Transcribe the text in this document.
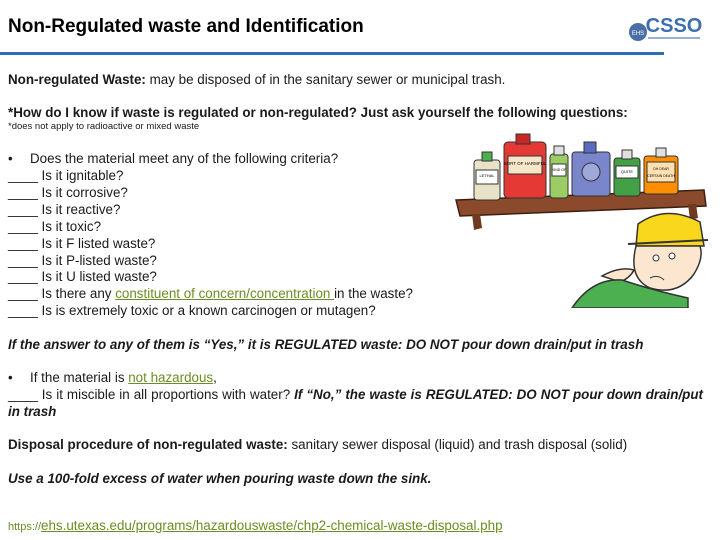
Non-Regulated waste and Identification	EHS CSSO
Non-regulated Waste: may be disposed of in the sanitary sewer or municipal trash.
*How do I know if waste is regulated or non-regulated? Just ask yourself the following questions:
*does not apply to radioactive or mixed waste
• Does the material meet any of the following criteria?
____ Is it ignitable?
____ Is it corrosive?
____ Is it reactive?
____ Is it toxic?
____ Is it F listed waste?
____ Is it P-listed waste?
____ Is it U listed waste?
____ Is there any constituent of concern/concentration in the waste?
____ Is is extremely toxic or a known carcinogen or mutagen?
If the answer to any of them is “Yes,” it is REGULATED waste: DO NOT pour down drain/put in trash
• If the material is not hazardous,
____ Is it miscible in all proportions with water? If “No,” the waste is REGULATED: DO NOT pour down drain/put in trash
Disposal procedure of non-regulated waste: sanitary sewer disposal (liquid) and trash disposal (solid)
Use a 100-fold excess of water when pouring waste down the sink.
https://ehs.utexas.edu/programs/hazardouswaste/chp2-chemical-waste-disposal.php
LETHAL
SORT OF HARMFUL
KIND OF	QUITE	OH DEAR
CERTAIN DEATH
